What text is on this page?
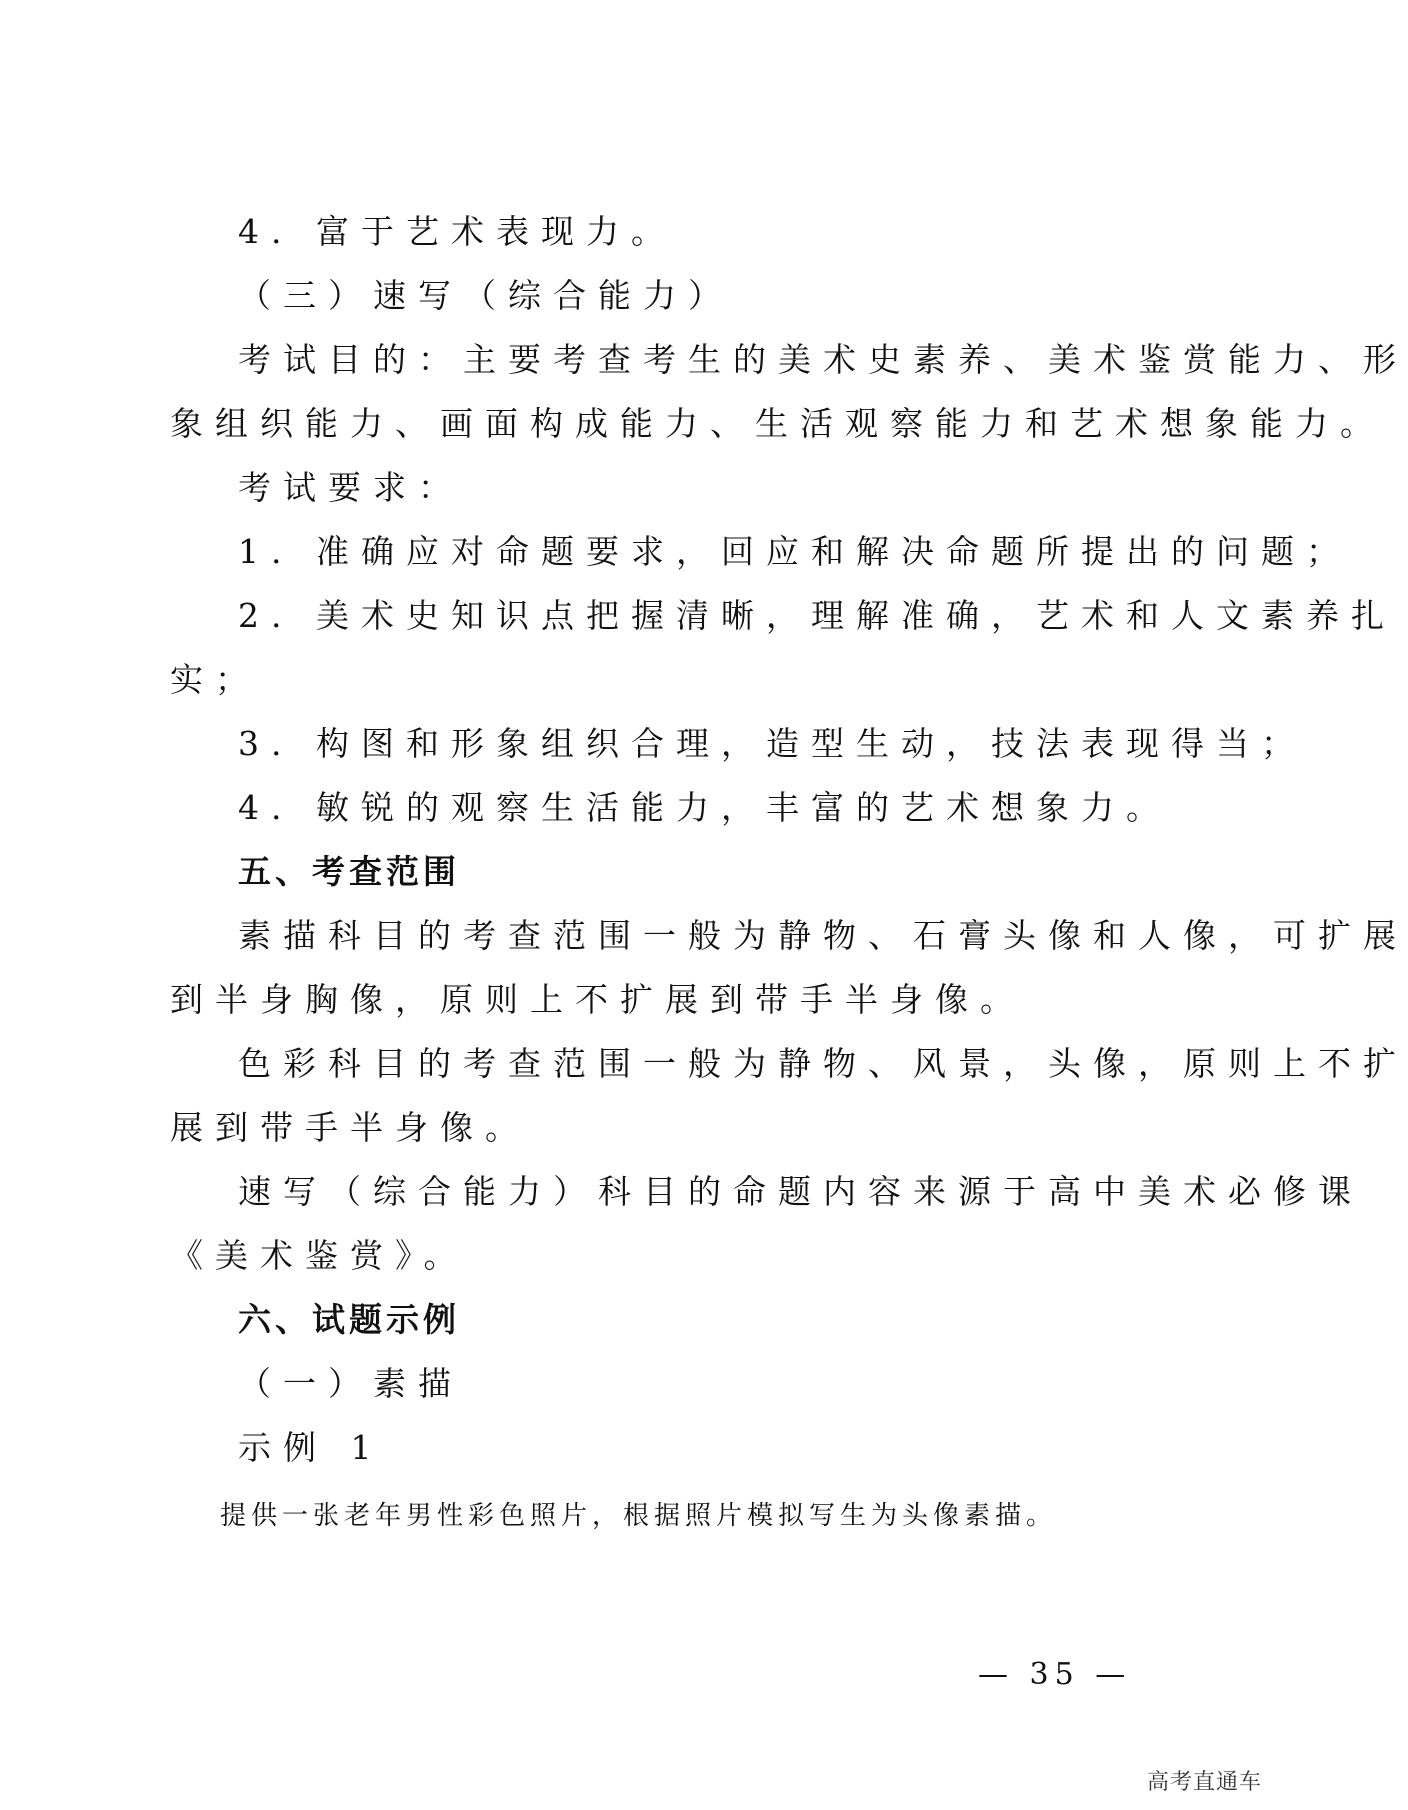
4. 富于艺术表现力。
（三）速写（综合能力）
考试目的：主要考查考生的美术史素养、美术鉴赏能力、形
象组织能力、画面构成能力、生活观察能力和艺术想象能力。
考试要求：
1. 准确应对命题要求，回应和解决命题所提出的问题；
2. 美术史知识点把握清晰，理解准确，艺术和人文素养扎
实；
3. 构图和形象组织合理，造型生动，技法表现得当；
4. 敏锐的观察生活能力，丰富的艺术想象力。
五、考查范围
素描科目的考查范围一般为静物、石膏头像和人像，可扩展
到半身胸像，原则上不扩展到带手半身像。
色彩科目的考查范围一般为静物、风景，头像，原则上不扩
展到带手半身像。
速写（综合能力）科目的命题内容来源于高中美术必修课
《美术鉴赏》。
六、试题示例
（一）素描
示例 1
提供一张老年男性彩色照片，根据照片模拟写生为头像素描。
— 35 —
高考直通车
